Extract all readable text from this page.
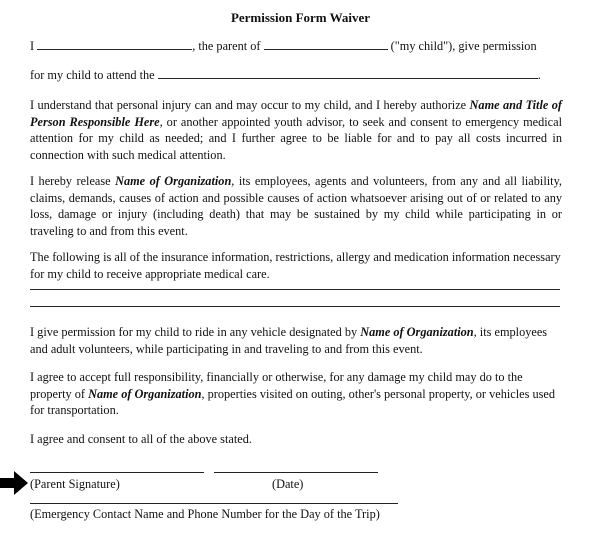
Permission Form Waiver
I	, the parent of	("my child"), give permission
for my child to attend the	.
I understand that personal injury can and may occur to my child, and I hereby authorize Name and Title of Person Responsible Here, or another appointed youth advisor, to seek and consent to emergency medical attention for my child as needed; and I further agree to be liable for and to pay all costs incurred in connection with such medical attention.
I hereby release Name of Organization, its employees, agents and volunteers, from any and all liability, claims, demands, causes of action and possible causes of action whatsoever arising out of or related to any loss, damage or injury (including death) that may be sustained by my child while participating in or traveling to and from this event.
The following is all of the insurance information, restrictions, allergy and medication information necessary for my child to receive appropriate medical care.
I give permission for my child to ride in any vehicle designated by Name of Organization, its employees and adult volunteers, while participating in and traveling to and from this event.
I agree to accept full responsibility, financially or otherwise, for any damage my child may do to the property of Name of Organization, properties visited on outing, other's personal property, or vehicles used for transportation.
I agree and consent to all of the above stated.
(Parent Signature)	(Date)
(Emergency Contact Name and Phone Number for the Day of the Trip)
